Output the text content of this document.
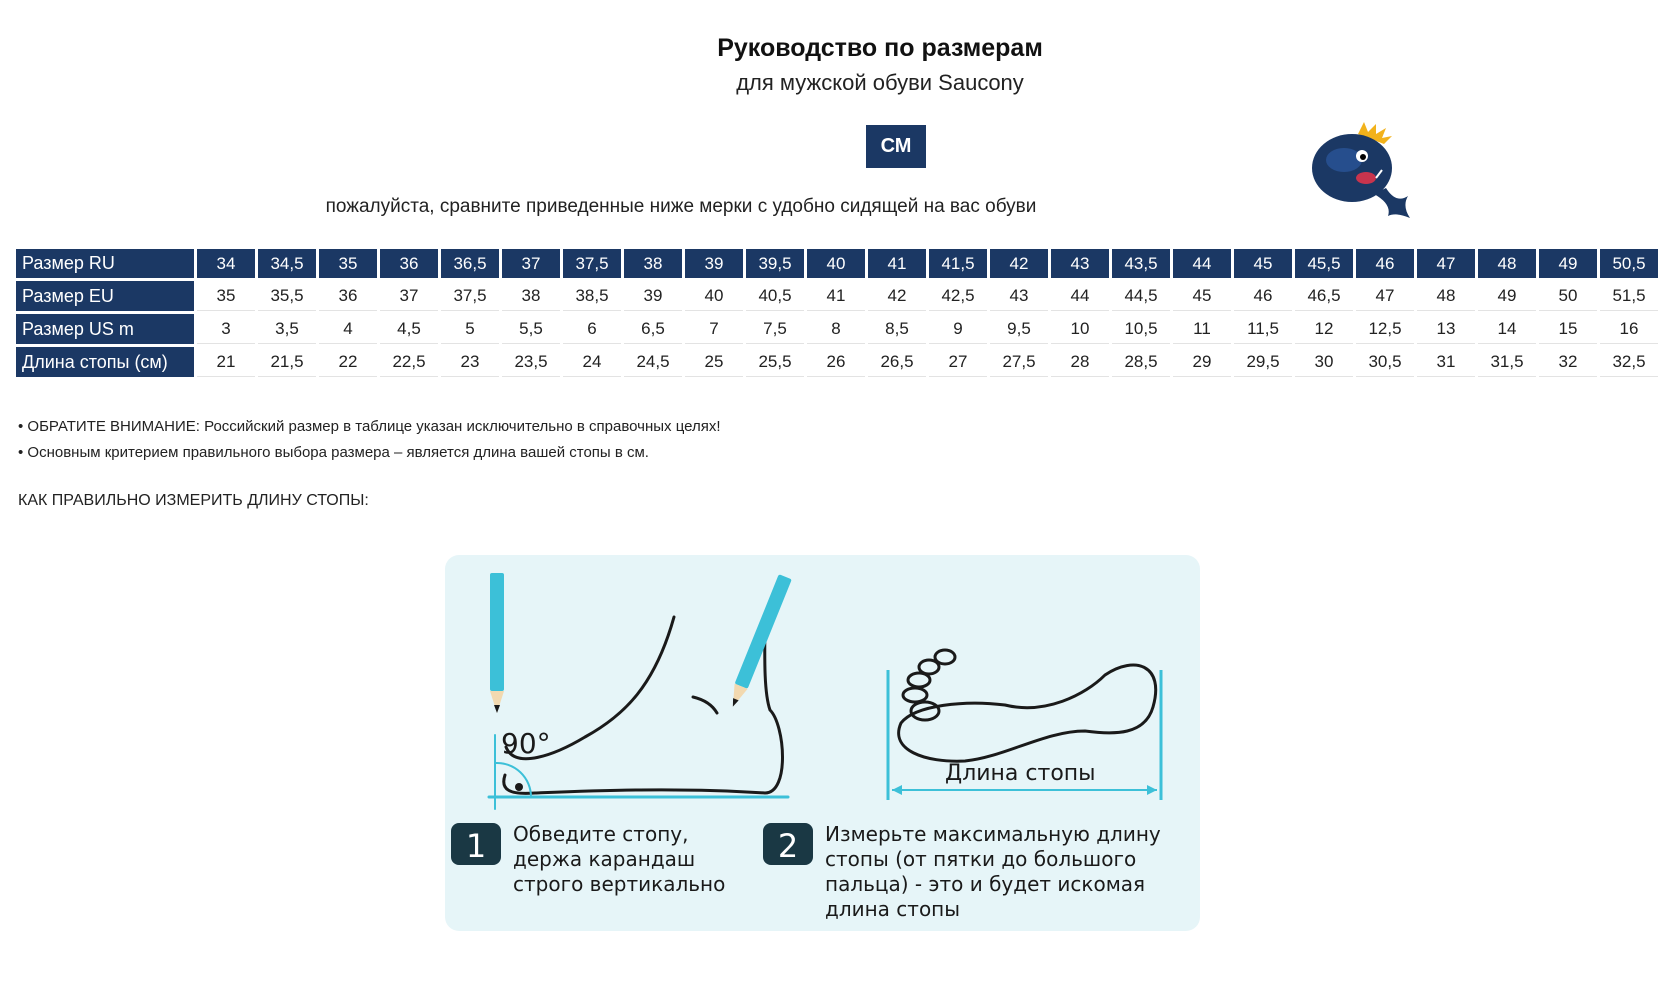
Руководство по размерам
для мужской обуви Saucony
СМ
пожалуйста, сравните приведенные ниже мерки с удобно сидящей на вас обуви
Размер RU	34	34,5	35	36	36,5	37	37,5	38	39	39,5	40	41	41,5	42	43	43,5	44	45	45,5	46	47	48	49	50,5
Размер EU	35	35,5	36	37	37,5	38	38,5	39	40	40,5	41	42	42,5	43	44	44,5	45	46	46,5	47	48	49	50	51,5
Размер US m	3	3,5	4	4,5	5	5,5	6	6,5	7	7,5	8	8,5	9	9,5	10	10,5	11	11,5	12	12,5	13	14	15	16
Длина стопы (см)	21	21,5	22	22,5	23	23,5	24	24,5	25	25,5	26	26,5	27	27,5	28	28,5	29	29,5	30	30,5	31	31,5	32	32,5
• ОБРАТИТЕ ВНИМАНИЕ: Российский размер в таблице указан исключительно в справочных целях!
• Основным критерием правильного выбора размера – является длина вашей стопы в см.
КАК ПРАВИЛЬНО ИЗМЕРИТЬ ДЛИНУ СТОПЫ:
90°
Длина стопы
1 Обведите стопу,
держа карандаш
строго вертикально
2 Измерьте максимальную длину
стопы (от пятки до большого
пальца) - это и будет искомая
длина стопы
